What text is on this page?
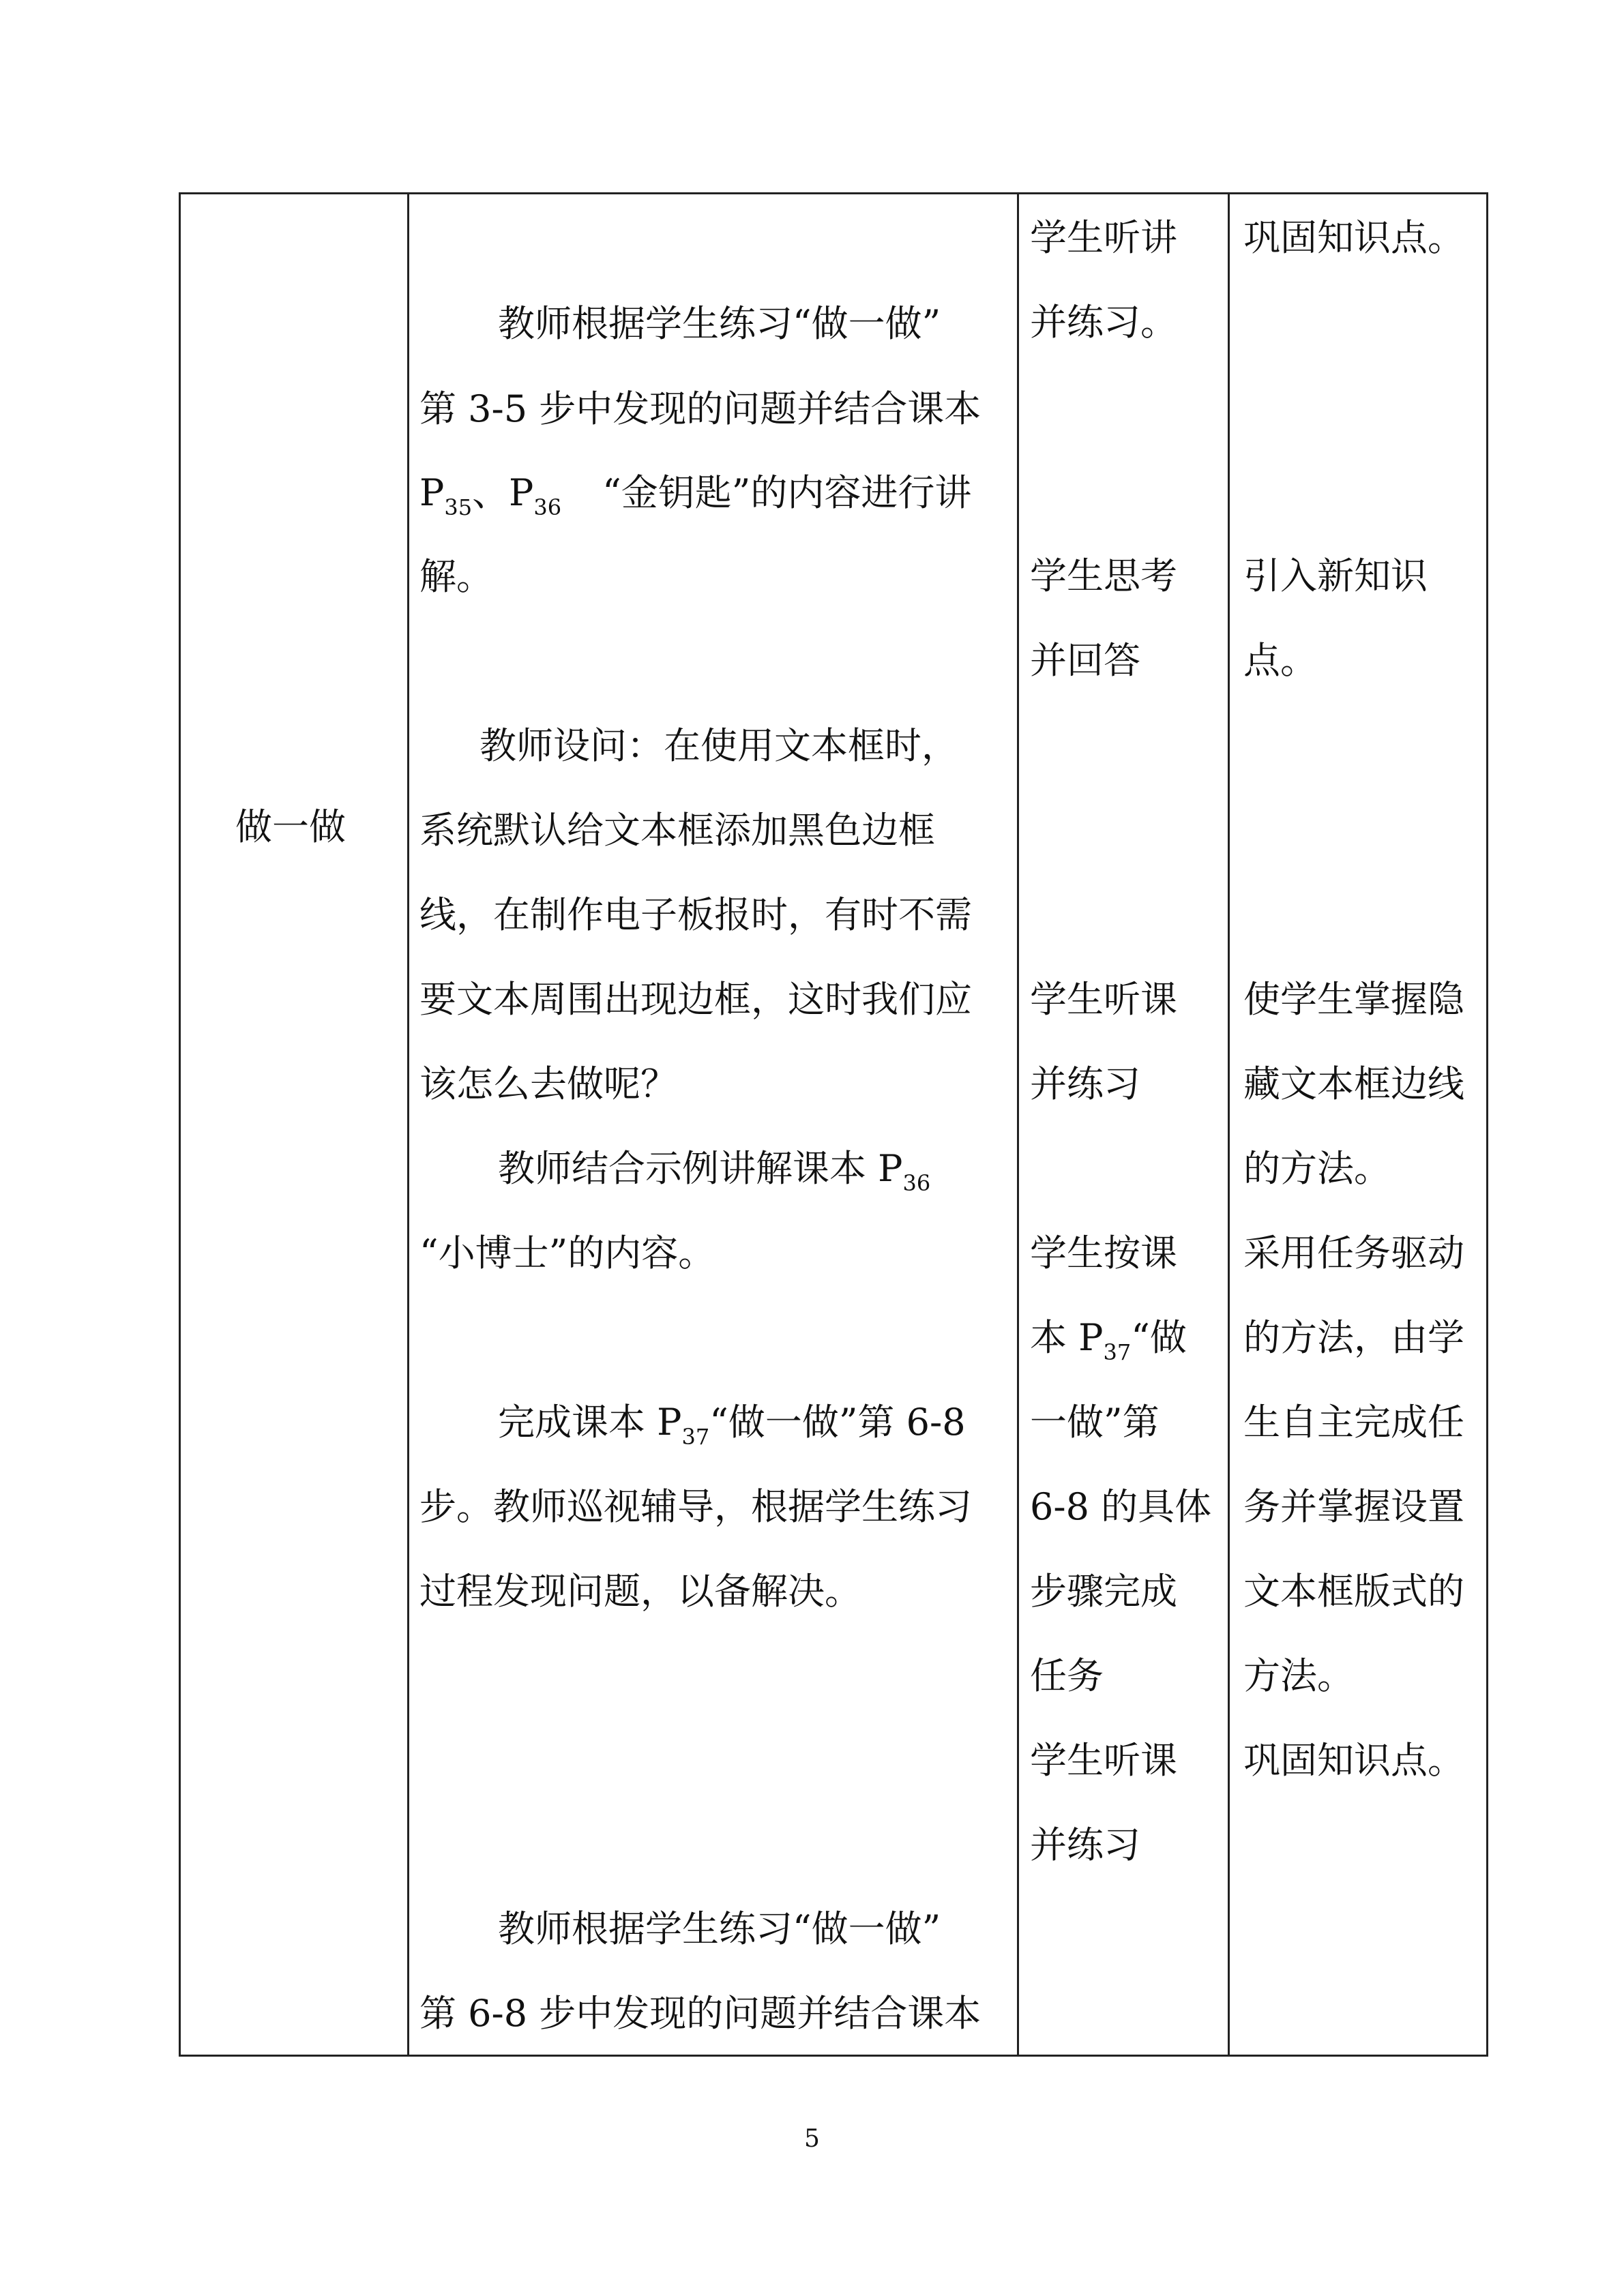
做一做
教师根据学生练习“做一做”
第 3-5 步中发现的问题并结合课本
$P_{35}$、$P_{36}$ “金钥匙”的内容进行讲
解。
教师设问：在使用文本框时，
系统默认给文本框添加黑色边框
线，在制作电子板报时，有时不需
要文本周围出现边框，这时我们应
该怎么去做呢？
教师结合示例讲解课本 $P_{36}$
“小博士”的内容。
完成课本 $P_{37}“$做一做”第 6-8
步。教师巡视辅导，根据学生练习
过程发现问题，以备解决。
教师根据学生练习“做一做”
第 6-8 步中发现的问题并结合课本
学生听讲
并练习。
学生思考
并回答
学生听课
并练习
学生按课
本 $P_{37}“$做
一做”第
6-8 的具体
步骤完成
任务
学生听课
并练习
巩固知识点。
引入新知识
点。
使学生掌握隐
藏文本框边线
的方法。
采用任务驱动
的方法，由学
生自主完成任
务并掌握设置
文本框版式的
方法。
巩固知识点。
5
